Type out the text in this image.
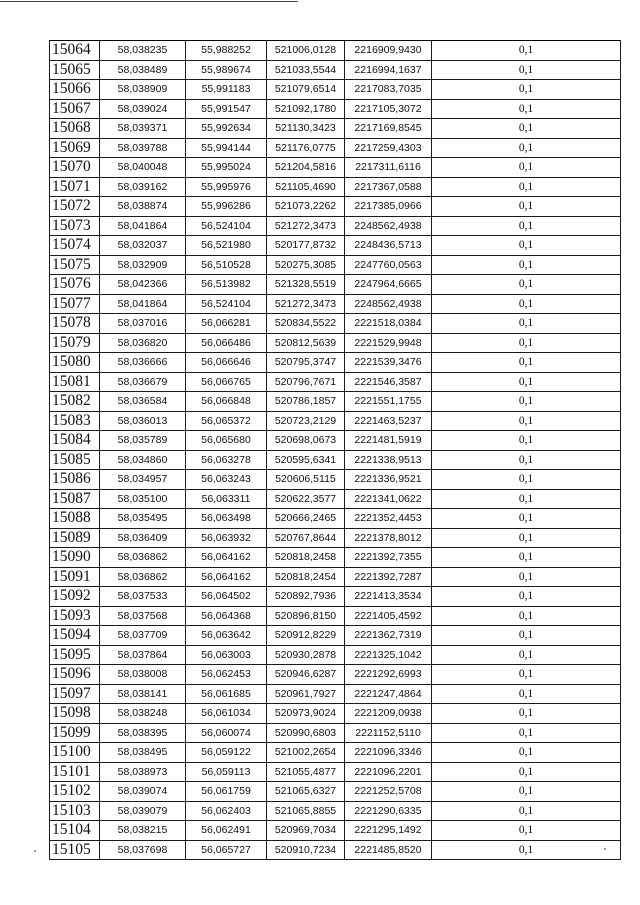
15064	58,038235	55,988252	521006,0128	2216909,9430	0,1
15065	58,038489	55,989674	521033,5544	2216994,1637	0,1
15066	58,038909	55,991183	521079,6514	2217083,7035	0,1
15067	58,039024	55,991547	521092,1780	2217105,3072	0,1
15068	58,039371	55,992634	521130,3423	2217169,8545	0,1
15069	58,039788	55,994144	521176,0775	2217259,4303	0,1
15070	58,040048	55,995024	521204,5816	2217311,6116	0,1
15071	58,039162	55,995976	521105,4690	2217367,0588	0,1
15072	58,038874	55,996286	521073,2262	2217385,0966	0,1
15073	58,041864	56,524104	521272,3473	2248562,4938	0,1
15074	58,032037	56,521980	520177,8732	2248436,5713	0,1
15075	58,032909	56,510528	520275,3085	2247760,0563	0,1
15076	58,042366	56,513982	521328,5519	2247964,6665	0,1
15077	58,041864	56,524104	521272,3473	2248562,4938	0,1
15078	58,037016	56,066281	520834,5522	2221518,0384	0,1
15079	58,036820	56,066486	520812,5639	2221529,9948	0,1
15080	58,036666	56,066646	520795,3747	2221539,3476	0,1
15081	58,036679	56,066765	520796,7671	2221546,3587	0,1
15082	58,036584	56,066848	520786,1857	2221551,1755	0,1
15083	58,036013	56,065372	520723,2129	2221463,5237	0,1
15084	58,035789	56,065680	520698,0673	2221481,5919	0,1
15085	58,034860	56,063278	520595,6341	2221338,9513	0,1
15086	58,034957	56,063243	520606,5115	2221336,9521	0,1
15087	58,035100	56,063311	520622,3577	2221341,0622	0,1
15088	58,035495	56,063498	520666,2465	2221352,4453	0,1
15089	58,036409	56,063932	520767,8644	2221378,8012	0,1
15090	58,036862	56,064162	520818,2458	2221392,7355	0,1
15091	58,036862	56,064162	520818,2454	2221392,7287	0,1
15092	58,037533	56,064502	520892,7936	2221413,3534	0,1
15093	58,037568	56,064368	520896,8150	2221405,4592	0,1
15094	58,037709	56,063642	520912,8229	2221362,7319	0,1
15095	58,037864	56,063003	520930,2878	2221325,1042	0,1
15096	58,038008	56,062453	520946,6287	2221292,6993	0,1
15097	58,038141	56,061685	520961,7927	2221247,4864	0,1
15098	58,038248	56,061034	520973,9024	2221209,0938	0,1
15099	58,038395	56,060074	520990,6803	2221152,5110	0,1
15100	58,038495	56,059122	521002,2654	2221096,3346	0,1
15101	58,038973	56,059113	521055,4877	2221096,2201	0,1
15102	58,039074	56,061759	521065,6327	2221252,5708	0,1
15103	58,039079	56,062403	521065,8855	2221290,6335	0,1
15104	58,038215	56,062491	520969,7034	2221295,1492	0,1
15105	58,037698	56,065727	520910,7234	2221485,8520	0,1
